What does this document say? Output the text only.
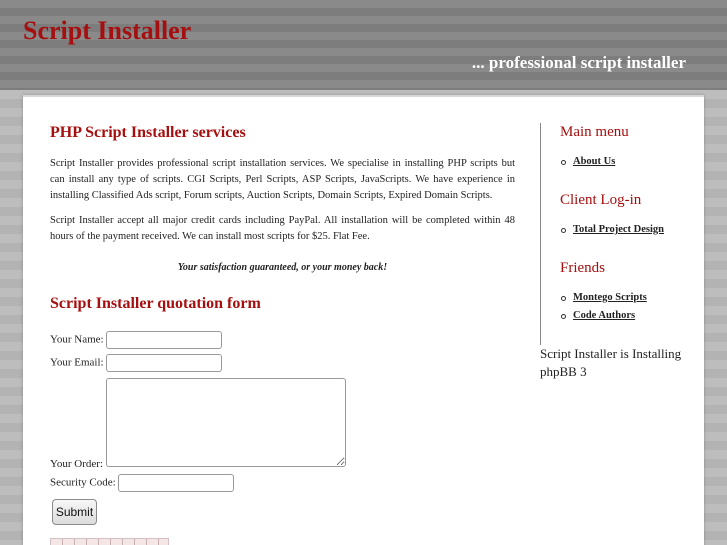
Script Installer
... professional script installer
PHP Script Installer services

Script Installer provides professional script installation services. We specialise in installing PHP scripts but can install any type of scripts. CGI Scripts, Perl Scripts, ASP Scripts, JavaScripts. We have experience in installing Classified Ads script, Forum scripts, Auction Scripts, Domain Scripts, Expired Domain Scripts.

Script Installer accept all major credit cards including PayPal. All installation will be completed within 48 hours of the payment received. We can install most scripts for $25. Flat Fee.

Your satisfaction guaranteed, or your money back!
Script Installer quotation form
Your Name:
Your Email:
Your Order:
Security Code:
Submit
Main menu
About Us
Client Log-in
Total Project Design
Friends
Montego Scripts
Code Authors
Script Installer is Installing phpBB 3
